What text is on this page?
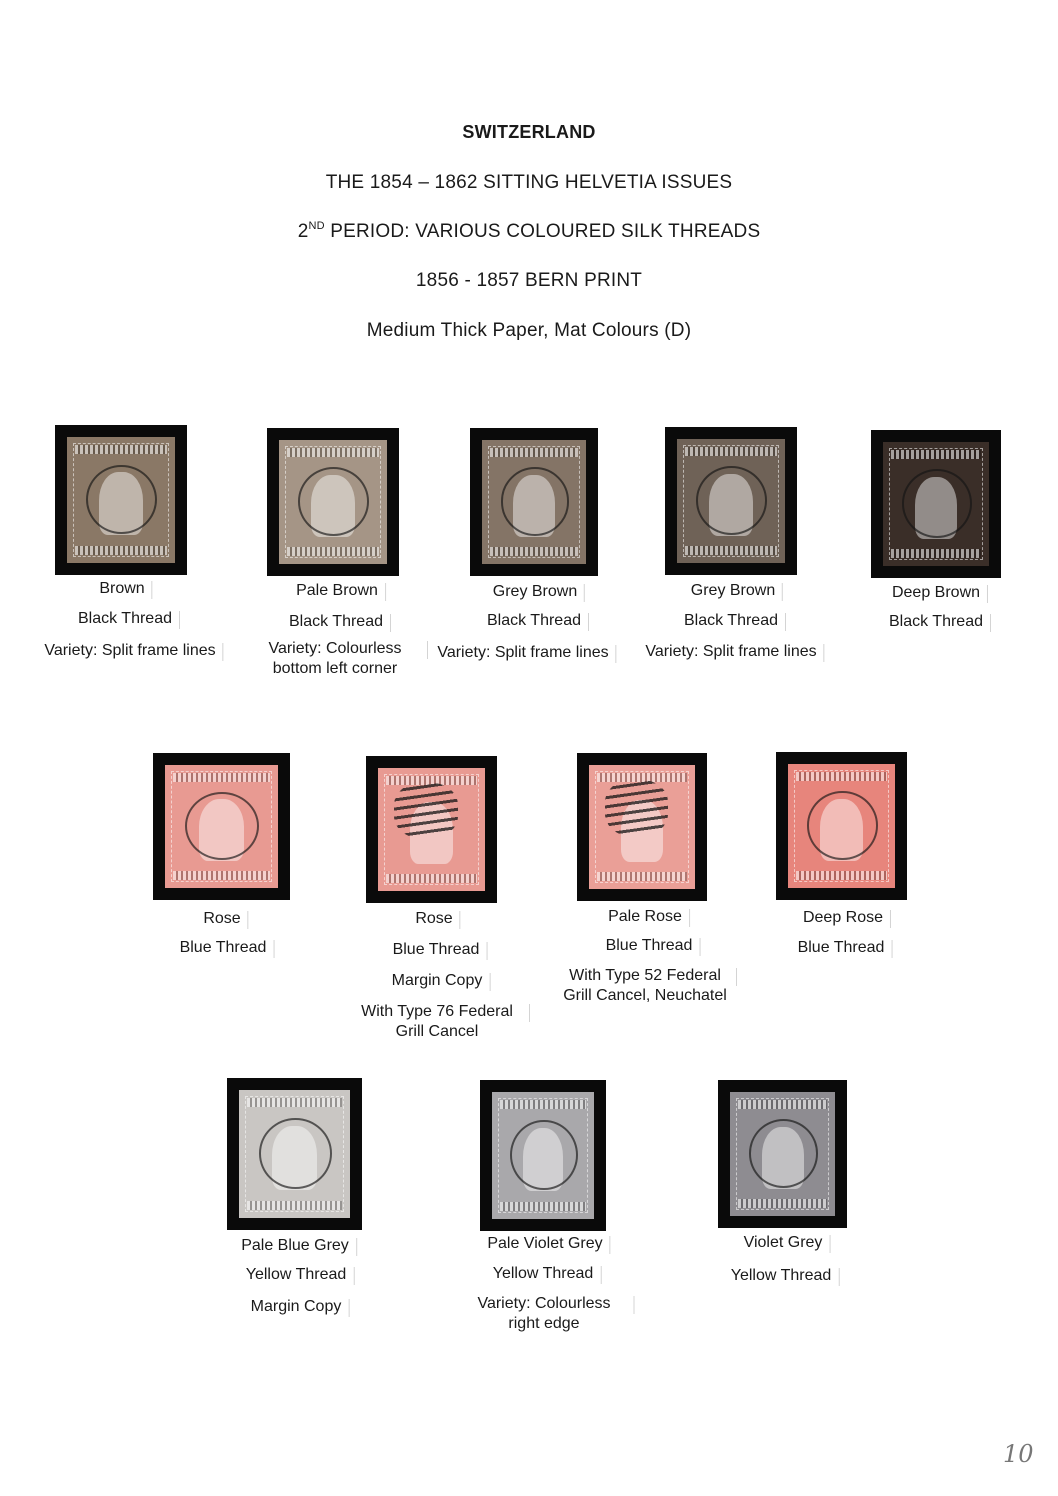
SWITZERLAND
THE 1854 – 1862 SITTING HELVETIA ISSUES
2ND PERIOD: VARIOUS COLOURED SILK THREADS
1856 - 1857 BERN PRINT
Medium Thick Paper, Mat Colours (D)
Brown
Black Thread
Variety: Split frame lines
Pale Brown
Black Thread
Variety: Colourless bottom left corner
Grey Brown
Black Thread
Variety: Split frame lines
Grey Brown
Black Thread
Variety: Split frame lines
Deep Brown
Black Thread
Rose
Blue Thread
Rose
Blue Thread
Margin Copy
With Type 76 Federal Grill Cancel
Pale Rose
Blue Thread
With Type 52 Federal Grill Cancel, Neuchatel
Deep Rose
Blue Thread
Pale Blue Grey
Yellow Thread
Margin Copy
Pale Violet Grey
Yellow Thread
Variety: Colourless right edge
Violet Grey
Yellow Thread
10
